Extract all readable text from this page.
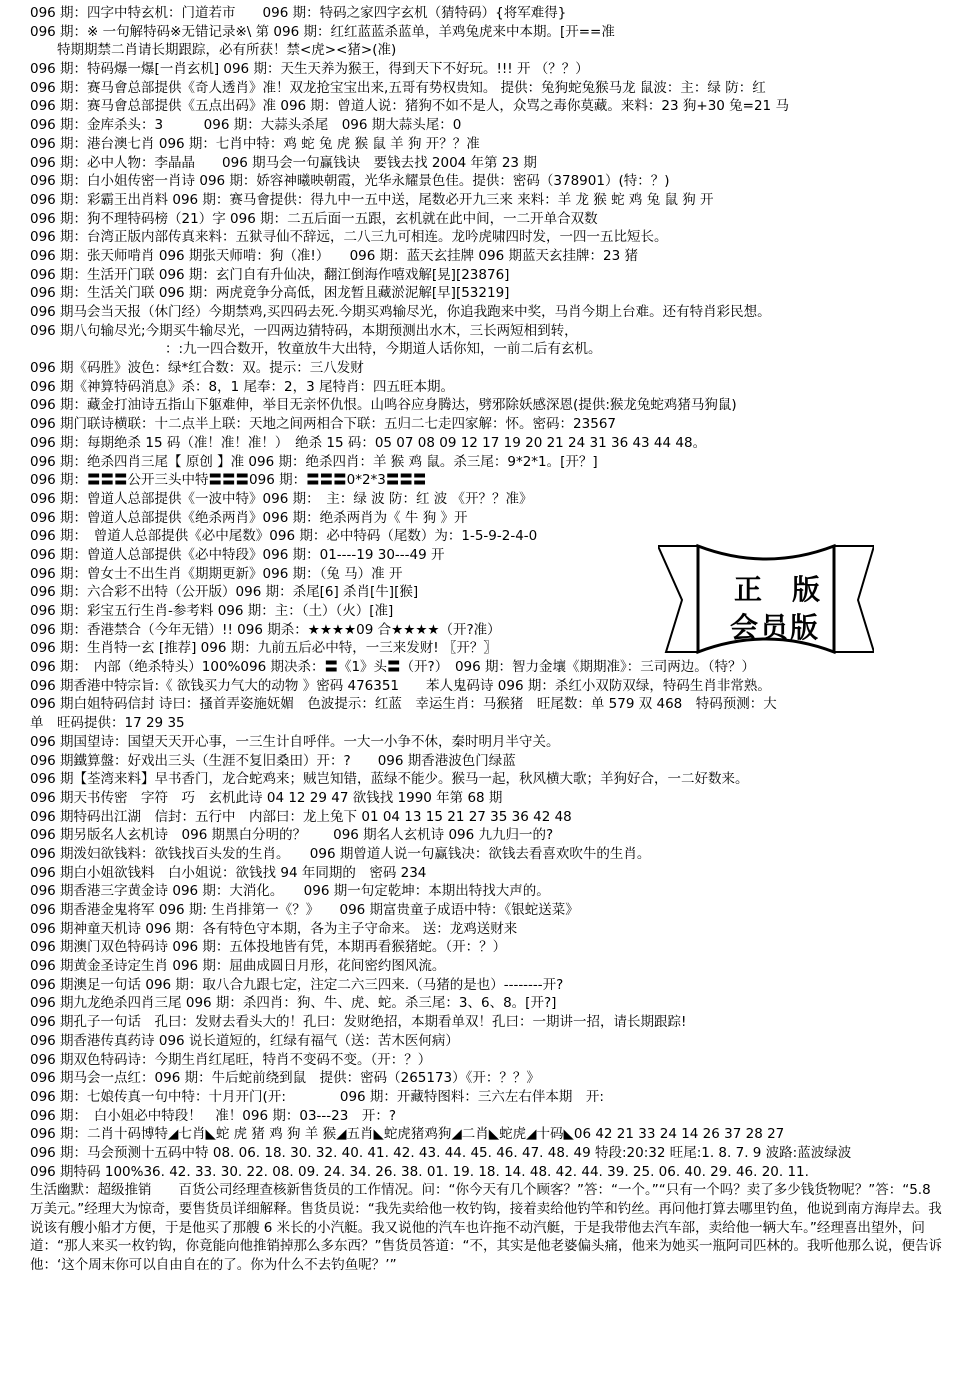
096 期：四字中特玄机：门道若市　　096 期：特码之家四字玄机（猜特码）{将军难得}
096 期：※ 一句解特码※无错记录※\ 第 096 期：红红蓝蓝杀蓝单，羊鸡兔虎来中本期。[开==准
　　特期期禁二肖请长期跟踪，必有所获！禁<虎><猪>(准)
096 期：特码爆一爆[一肖玄机] 096 期：天生天养为猴王，得到天下不好玩。!!! 开 （？？）
096 期：赛马會总部提供《奇人透肖》准！双龙抢宝宝出来,五哥有势权贵知。 提供：兔狗蛇兔猴马龙 鼠波：主：绿 防：红
096 期：赛马會总部提供《五点出码》准 096 期：曾道人说：猪狗不如不是人，众骂之毒你莫藏。来料：23 狗+30 兔=21 马
096 期：金库杀头：3　　　096 期：大蒜头杀尾　096 期大蒜头尾：0
096 期：港台澳七肖 096 期：七肖中特：鸡 蛇 兔 虎 猴 鼠 羊 狗 开？？准
096 期：必中人物：李晶晶　　096 期马会一句赢钱诀　要钱去找 2004 年第 23 期
096 期：白小姐传密一肖诗 096 期：娇容神曦映朝霞，光华永耀景色佳。提供：密码（378901）(特：？)
096 期：彩霸王出肖料 096 期：赛马會提供：得九中一五中送，尾数必开九三来 来料：羊 龙 猴 蛇 鸡 兔 鼠 狗 开
096 期：狗不理特码榜（21）字 096 期：二五后面一五跟，玄机就在此中间，一二开单合双数
096 期：台湾正版内部传真来料：五狱寻仙不辞远，二八三九可相连。龙吟虎啸四时发，一四一五比短长。
096 期：张天师啃肖 096 期张天师啃：狗（准!）　　096 期：蓝天玄挂牌 096 期蓝天玄挂牌：23 猪
096 期：生活开门联 096 期：玄门自有升仙决，翻江倒海作嘻戏解[晃][23876]
096 期：生活关门联 096 期：两虎竟争分高低，困龙暂且藏淤泥解[早][53219]
096 期马会当天报（休门经）今期禁鸡,买四码去死.今期买鸡输尽光，你追我跑来中奖，马肖今期上台难。还有特肖彩民想。
096 期八句输尽光;今期买牛输尽光，一四两边猜特码，本期预测出水木，三长两短相到转，
　　　　　　　　　　：:九一四合数开，牧童放牛大出特，今期道人话你知，一前二后有玄机。
096 期《码胜》波色：绿*红合数：双。提示：三八发财
096 期《神算特码消息》杀：8，1 尾奉：2，3 尾特肖：四五旺本期。
096 期：藏金打油诗五指山下躯难伸，举目无亲怀仇恨。山鸣谷应身腾达，劈邪除妖感深恩(提供:猴龙兔蛇鸡猪马狗鼠)
096 期门联诗横联：十二点半上联：天地之间两相合下联：五归二七走四家解：怀。密码：23567
096 期：每期绝杀 15 码（准！准！准！）　绝杀 15 码：05 07 08 09 12 17 19 20 21 24 31 36 43 44 48。
096 期：绝杀四肖三尾【 原创 】准 096 期：绝杀四肖：羊 猴 鸡 鼠。杀三尾：9*2*1。[开？]
096 期：〓〓〓公开三头中特〓〓〓096 期：〓〓〓0*2*3〓〓〓
096 期：曾道人总部提供《一波中特》096 期：　主：绿 波 防：红 波 《开？？准》
096 期：曾道人总部提供《绝杀两肖》096 期：绝杀两肖为《 牛 狗 》开
096 期：　曾道人总部提供《必中尾数》096 期：必中特码（尾数）为：1-5-9-2-4-0
096 期：曾道人总部提供《必中特段》096 期：01----19 30---49 开
096 期：曾女士不出生肖《期期更新》096 期：（兔 马）准 开
096 期：六合彩不出特（公开版）096 期：杀尾[6] 杀肖[牛][猴]
096 期：彩宝五行生肖-参考料 096 期：主：（土）（火）[准]
096 期：香港禁合（今年无错）!! 096 期杀：★★★★09 合★★★★（开?准）
096 期：生肖特一玄 [推荐] 096 期：九前五后必中特，一三来发财! 〖开？〗
096 期：　内部（绝杀特头）100%096 期决杀：〓《1》头〓（开?）　096 期：智力金壤《期期准》：三司两边。（特？）
096 期香港中特宗旨:《 欲钱买力气大的动物 》密码 476351　　苯人鬼码诗 096 期：杀红小双防双绿，特码生肖非常熟。
096 期白姐特码信封 诗曰：搔首弄姿施妩媚　色波提示：红蓝　幸运生肖：马猴猪　旺尾数：单 579 双 468　特码预测：大
单　旺码提供：17 29 35
096 期国望诗：国望天天开心事，一三生计自呼伴。一大一小争不休，秦时明月半守关。
096 期鐵算盤：好戏出三头（生涯不复旧桑田）开：?　　096 期香港波色门绿蓝
096 期【荃湾来料】早书香门，龙合蛇鸡来；贼岂知错，蓝绿不能少。猴马一起，秋风横大歌；羊狗好合，一二好数来。
096 期天书传密　字符　巧　玄机此诗 04 12 29 47 欲钱找 1990 年第 68 期
096 期特码出江湖　信封：五行中　内部曰：龙上兔下 01 04 13 15 21 27 35 36 42 48
096 期另版名人玄机诗　096 期黑白分明的？　　096 期名人玄机诗 096 九九归一的?
096 期泼妇欲钱料：欲钱找百头发的生肖。　　096 期曾道人说一句赢钱决：欲钱去看喜欢吹牛的生肖。
096 期白小姐欲钱料　白小姐说：欲钱找 94 年同期的　密码 234
096 期香港三字黄金诗 096 期：大消化。　　096 期一句定乾坤：本期出特找大声的。
096 期香港金鬼将军 096 期: 生肖排第一《？》　　096 期富贵童子成语中特：《银蛇送菜》
096 期神童天机诗 096 期：各有特色守本期，各为主子守命来。 送：龙鸡送财来
096 期澳门双色特码诗 096 期：五体投地皆有凭，本期再看猴猪蛇。（开：？）
096 期黄金圣诗定生肖 096 期：屈曲成圆日月形，花间密约图风流。
096 期澳足一句话 096 期：取八合九跟七定，注定二六三四来.（马猪的是也）--------开?
096 期九龙绝杀四肖三尾 096 期：杀四肖：狗、牛、虎、蛇。杀三尾：3、6、8。[开?]
096 期孔子一句话　孔曰：发财去看头大的！孔曰：发财绝招，本期看单双！孔曰：一期讲一招，请长期跟踪!
096 期香港传真药诗 096 说长道短的，红绿有福气（送：苦木医何病）
096 期双色特码诗：今期生肖红尾旺，特肖不变码不变。（开：？）
096 期马会一点红：096 期：牛后蛇前绕到鼠　提供：密码（265173）《开：？？》
096 期：七娘传真一句中特：十月开门(开:　　　　096 期：开藏特图料：三六左右伴本期　开:
096 期：　白小姐必中特段！　准！096 期：03---23　开：?
096 期：二肖十码博特◢七肖◣蛇 虎 猪 鸡 狗 羊 猴◢五肖◣蛇虎猪鸡狗◢二肖◣蛇虎◢十码◣06 42 21 33 24 14 26 37 28 27
096 期：马会预测十五码中特 08. 06. 18. 30. 32. 40. 41. 42. 43. 44. 45. 46. 47. 48. 49 特段:20:32 旺尾:1. 8. 7. 9 波路:蓝波绿波
096 期特码 100%36. 42. 33. 30. 22. 08. 09. 24. 34. 26. 38. 01. 19. 18. 14. 48. 42. 44. 39. 25. 06. 40. 29. 46. 20. 11.
生活幽默：超级推销　　百货公司经理查核新售货员的工作情况。问：“你今天有几个顾客？”答：“一个。”“只有一个吗？卖了多少钱货物呢？”答：“5.8 万美元。”经理大为惊奇，要售货员详细解释。售货员说：“我先卖给他一枚钓钩，接着卖给他钓竿和钓丝。再问他打算去哪里钓鱼，他说到南方海岸去。我说该有艘小船才方便，于是他买了那艘 6 米长的小汽艇。我又说他的汽车也许拖不动汽艇，于是我带他去汽车部，卖给他一辆大车。”经理喜出望外，问道：“那人来买一枚钓钩，你竟能向他推销掉那么多东西？”售货员答道：“不，其实是他老婆偏头痛，他来为她买一瓶阿司匹林的。我听他那么说，便告诉他：‘这个周末你可以自由自在的了。你为什么不去钓鱼呢？’”
正版
会员版
